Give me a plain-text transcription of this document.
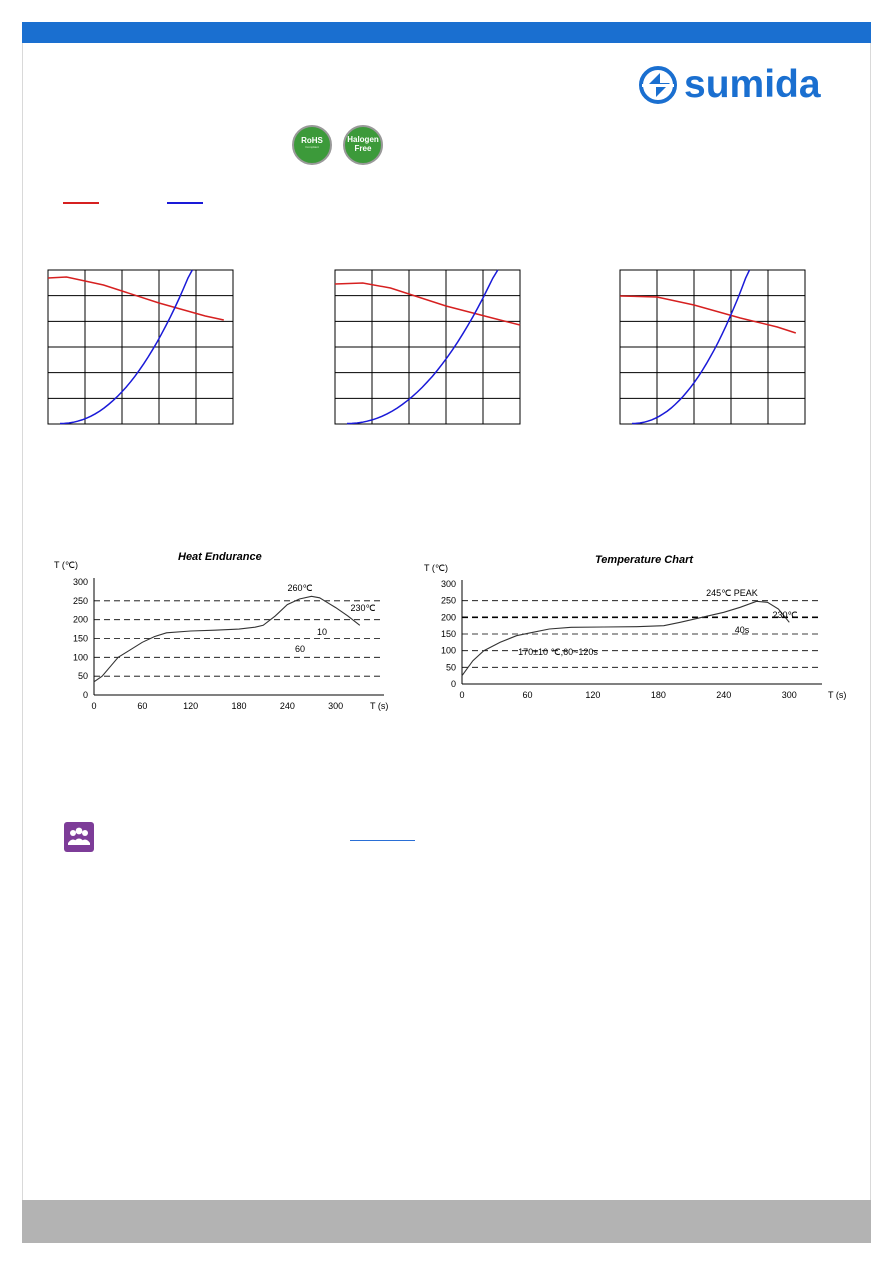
sumida
RoHS
Compliant
Halogen
Free
Heat Endurance
T (℃)
0
50
100
150
200
250
300
0	60	120	180	240	300	T (s)
260℃
230℃
10
60
Temperature Chart
T (℃)
0
50
100
150
200
250
300
0	60	120	180	240	300	T (s)
245℃ PEAK
230℃
40s
170±10 ℃,60~120s
